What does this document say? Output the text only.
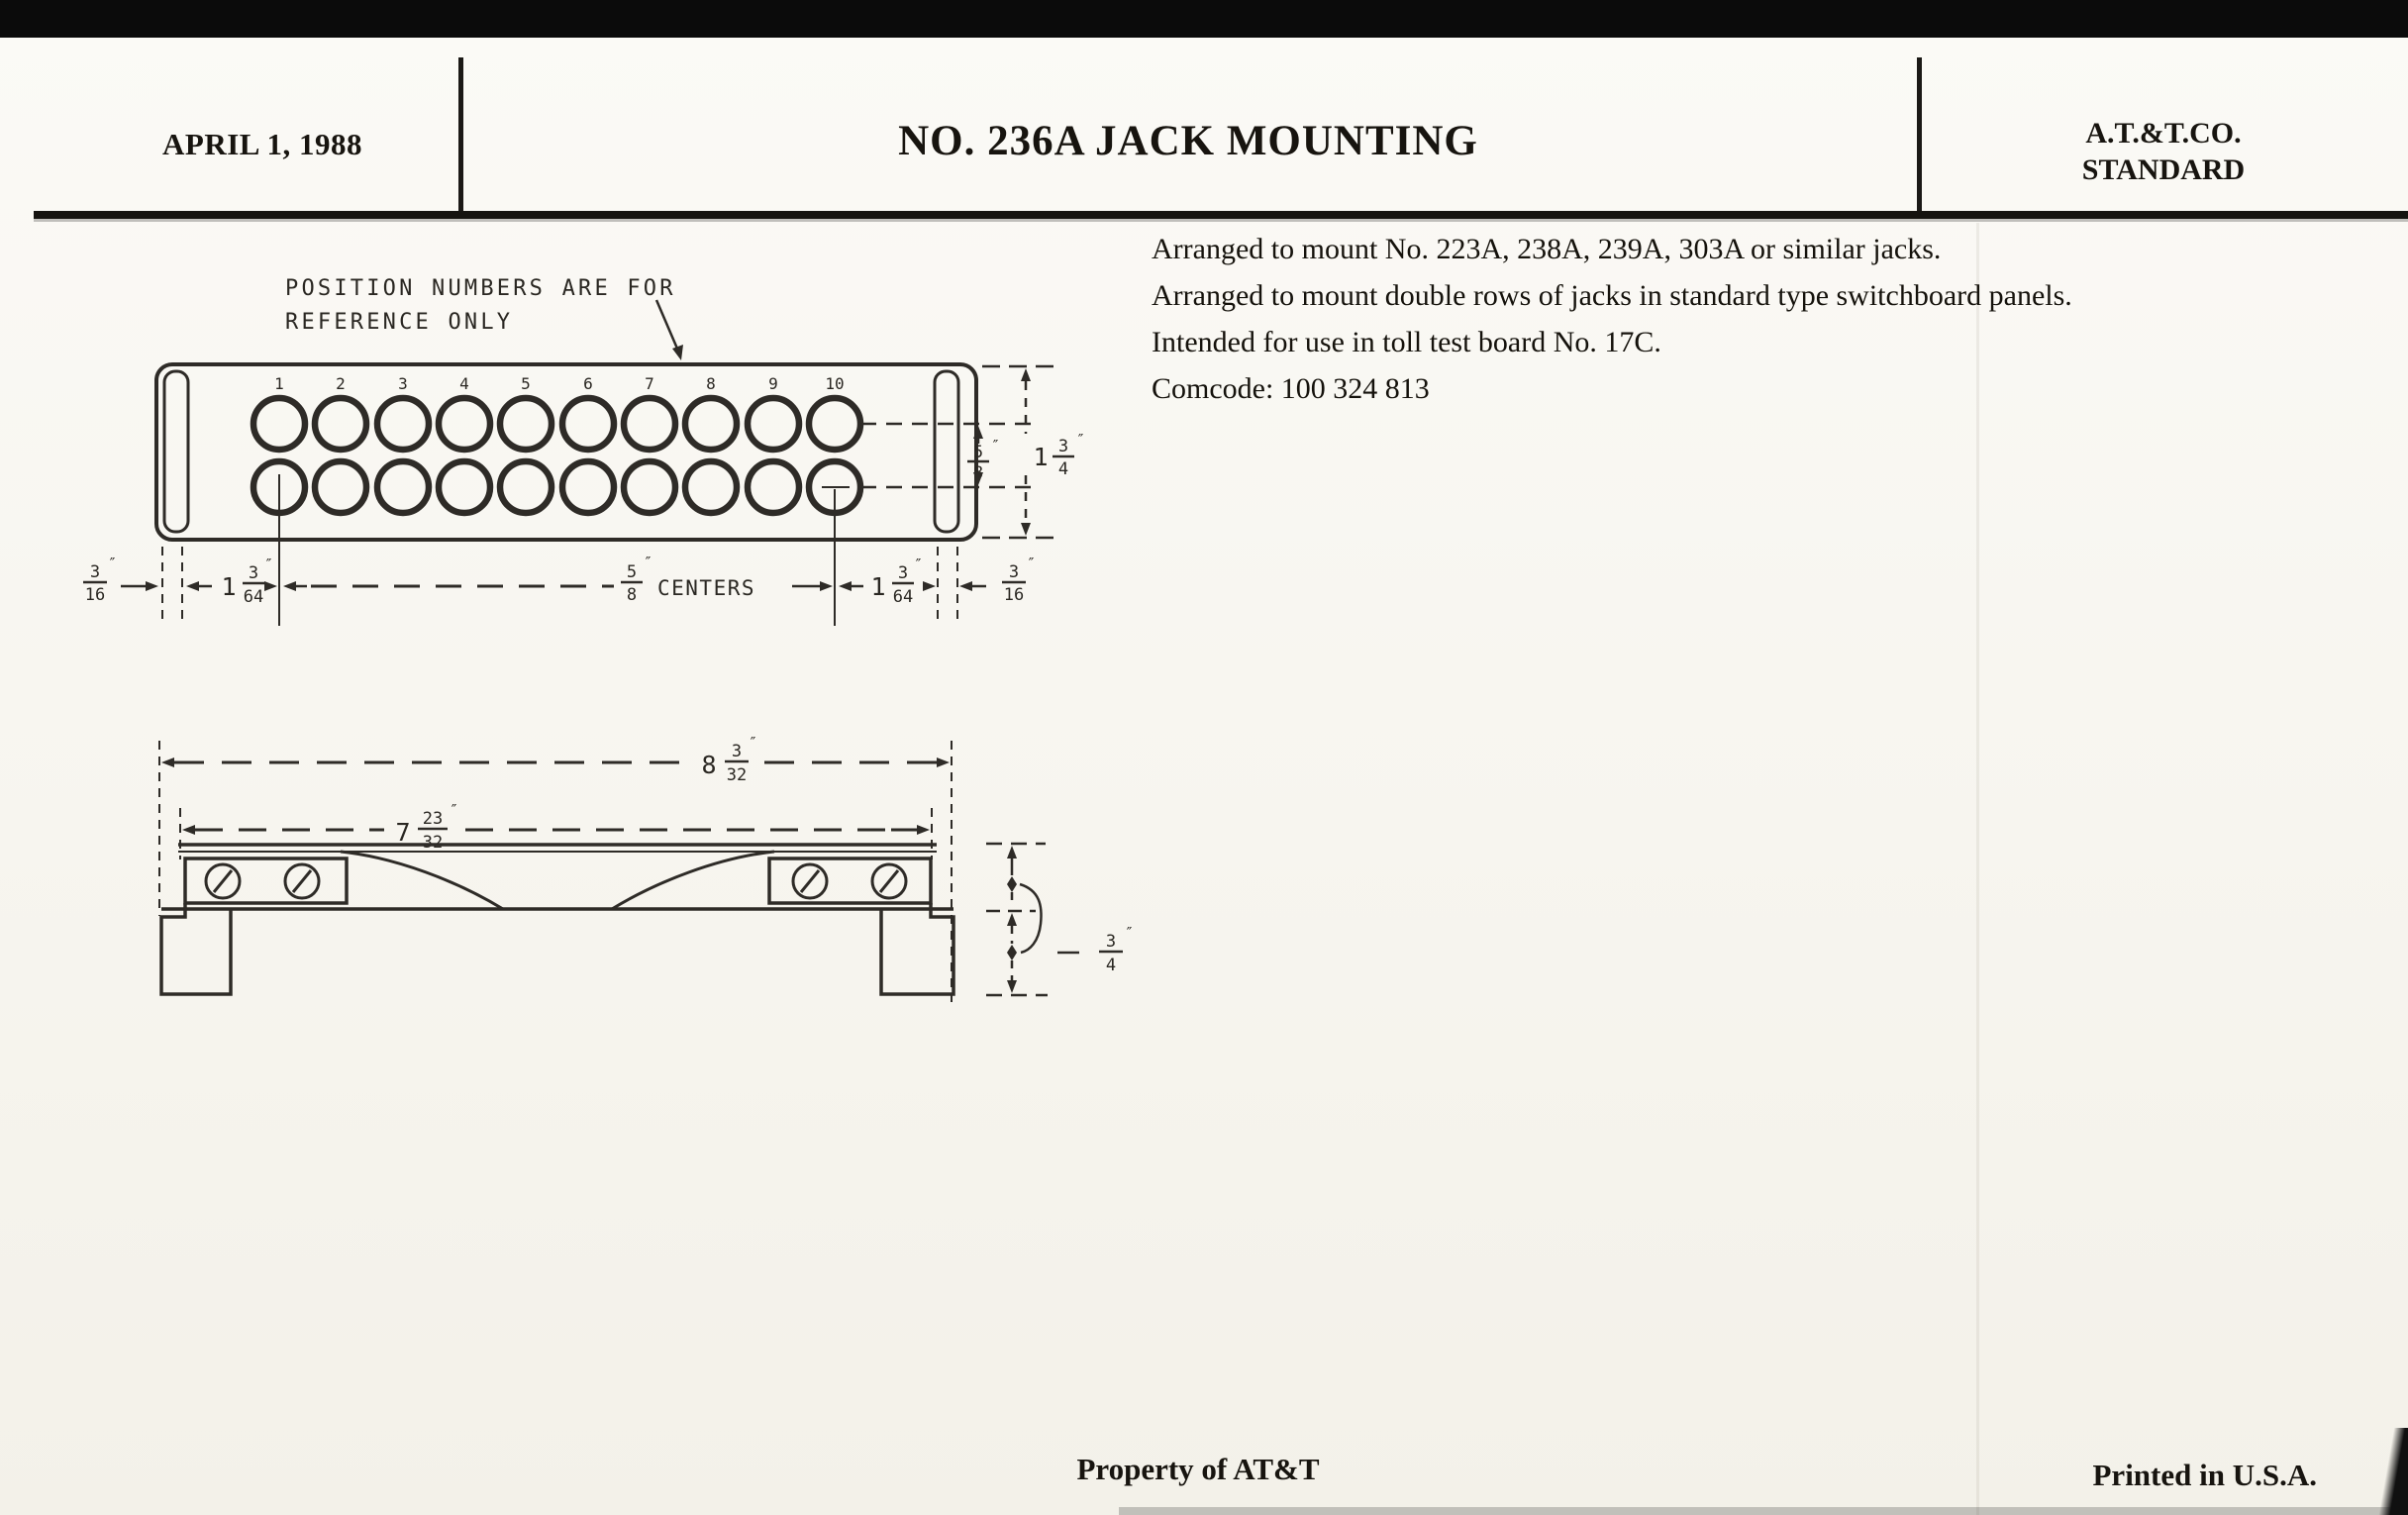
APRIL 1, 1988	NO. 236A JACK MOUNTING	A.T.&T.CO.
STANDARD
Arranged to mount No. 223A, 238A, 239A, 303A or similar jacks.
Arranged to mount double rows of jacks in standard type switchboard panels.
Intended for use in toll test board No. 17C.
Comcode: 100 324 813
POSITION NUMBERS ARE FOR
REFERENCE ONLY
1	2	3	4	5	6	7	8	9	10
5 ″ 1 3
4
″
3
16
″
1 3
64
″	5
8
″
CENTERS	1 3
64
″	3
16
″
8 3
32
″
7 23
32
″
3
4
″
Property of AT&T	Printed in U.S.A.
